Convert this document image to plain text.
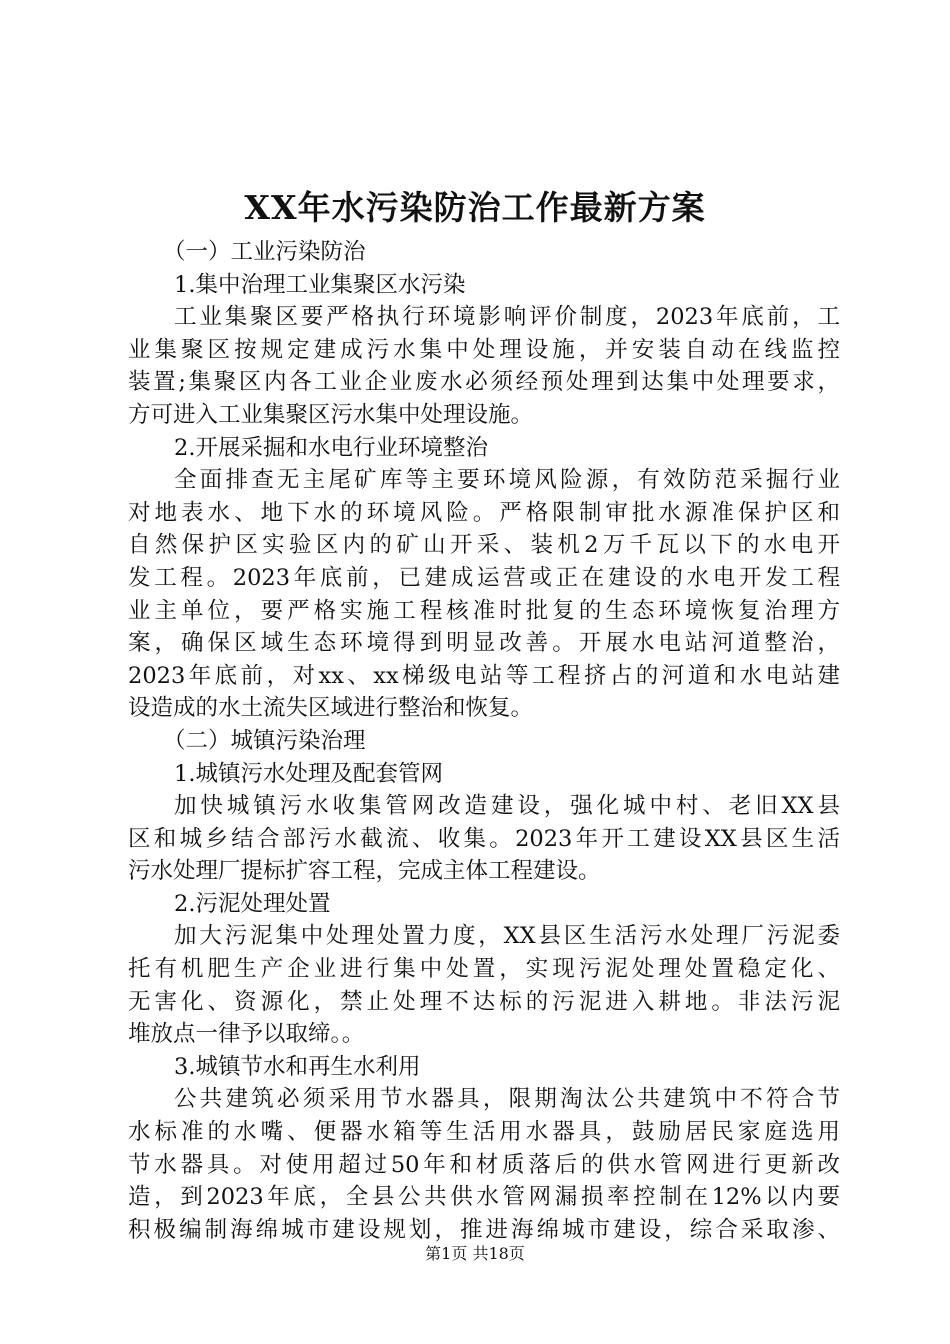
XX年水污染防治工作最新方案
（一）工业污染防治
1.集中治理工业集聚区水污染
工业集聚区要严格执行环境影响评价制度，2023年底前，工
业集聚区按规定建成污水集中处理设施，并安装自动在线监控
装置;集聚区内各工业企业废水必须经预处理到达集中处理要求，
方可进入工业集聚区污水集中处理设施。
2.开展采掘和水电行业环境整治
全面排查无主尾矿库等主要环境风险源，有效防范采掘行业
对地表水、地下水的环境风险。严格限制审批水源准保护区和
自然保护区实验区内的矿山开采、装机2万千瓦以下的水电开
发工程。2023年底前，已建成运营或正在建设的水电开发工程
业主单位，要严格实施工程核准时批复的生态环境恢复治理方
案，确保区域生态环境得到明显改善。开展水电站河道整治，
2023年底前，对xx、xx梯级电站等工程挤占的河道和水电站建
设造成的水土流失区域进行整治和恢复。
（二）城镇污染治理
1.城镇污水处理及配套管网
加快城镇污水收集管网改造建设，强化城中村、老旧XX县
区和城乡结合部污水截流、收集。2023年开工建设XX县区生活
污水处理厂提标扩容工程，完成主体工程建设。
2.污泥处理处置
加大污泥集中处理处置力度，XX县区生活污水处理厂污泥委
托有机肥生产企业进行集中处置，实现污泥处理处置稳定化、
无害化、资源化，禁止处理不达标的污泥进入耕地。非法污泥
堆放点一律予以取缔。。
3.城镇节水和再生水利用
公共建筑必须采用节水器具，限期淘汰公共建筑中不符合节
水标准的水嘴、便器水箱等生活用水器具，鼓励居民家庭选用
节水器具。对使用超过50年和材质落后的供水管网进行更新改
造，到2023年底，全县公共供水管网漏损率控制在12%以内要
积极编制海绵城市建设规划，推进海绵城市建设，综合采取渗、
第1页 共18页
